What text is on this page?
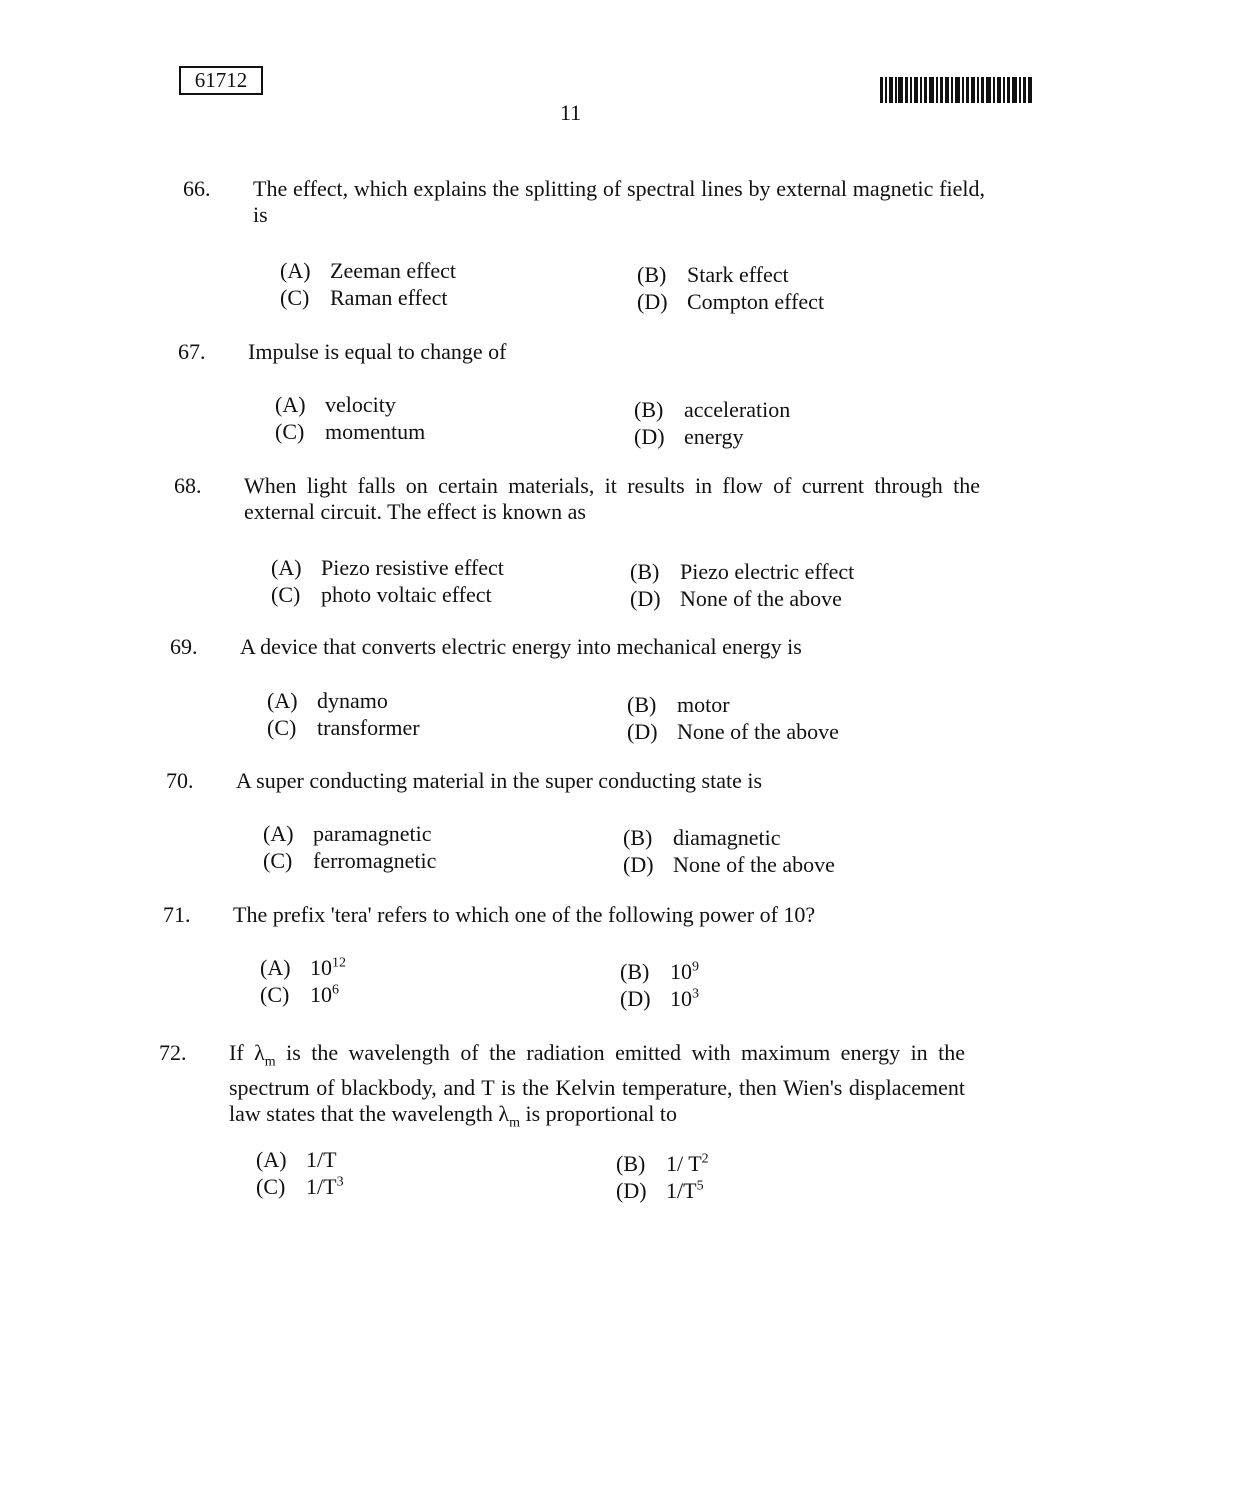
61712
11
66. The effect, which explains the splitting of spectral lines by external magnetic field, is
(A) Zeeman effect	(B) Stark effect
(C) Raman effect	(D) Compton effect
67. Impulse is equal to change of
(A) velocity	(B) acceleration
(C) momentum	(D) energy
68. When light falls on certain materials, it results in flow of current through the external circuit. The effect is known as
(A) Piezo resistive effect	(B) Piezo electric effect
(C) photo voltaic effect	(D) None of the above
69. A device that converts electric energy into mechanical energy is
(A) dynamo	(B) motor
(C) transformer	(D) None of the above
70. A super conducting material in the super conducting state is
(A) paramagnetic	(B) diamagnetic
(C) ferromagnetic	(D) None of the above
71. The prefix 'tera' refers to which one of the following power of 10?
(A) $10^{12}$	(B) $10^9$
(C) $10^6$	(D) $10^3$
72. If $\lambda_m$ is the wavelength of the radiation emitted with maximum energy in the spectrum of blackbody, and T is the Kelvin temperature, then Wien's displacement law states that the wavelength $\lambda_m$ is proportional to
(A) 1/T	(B) 1/ $T^2$
(C) $1/T^3$	(D) $1/T^5$
